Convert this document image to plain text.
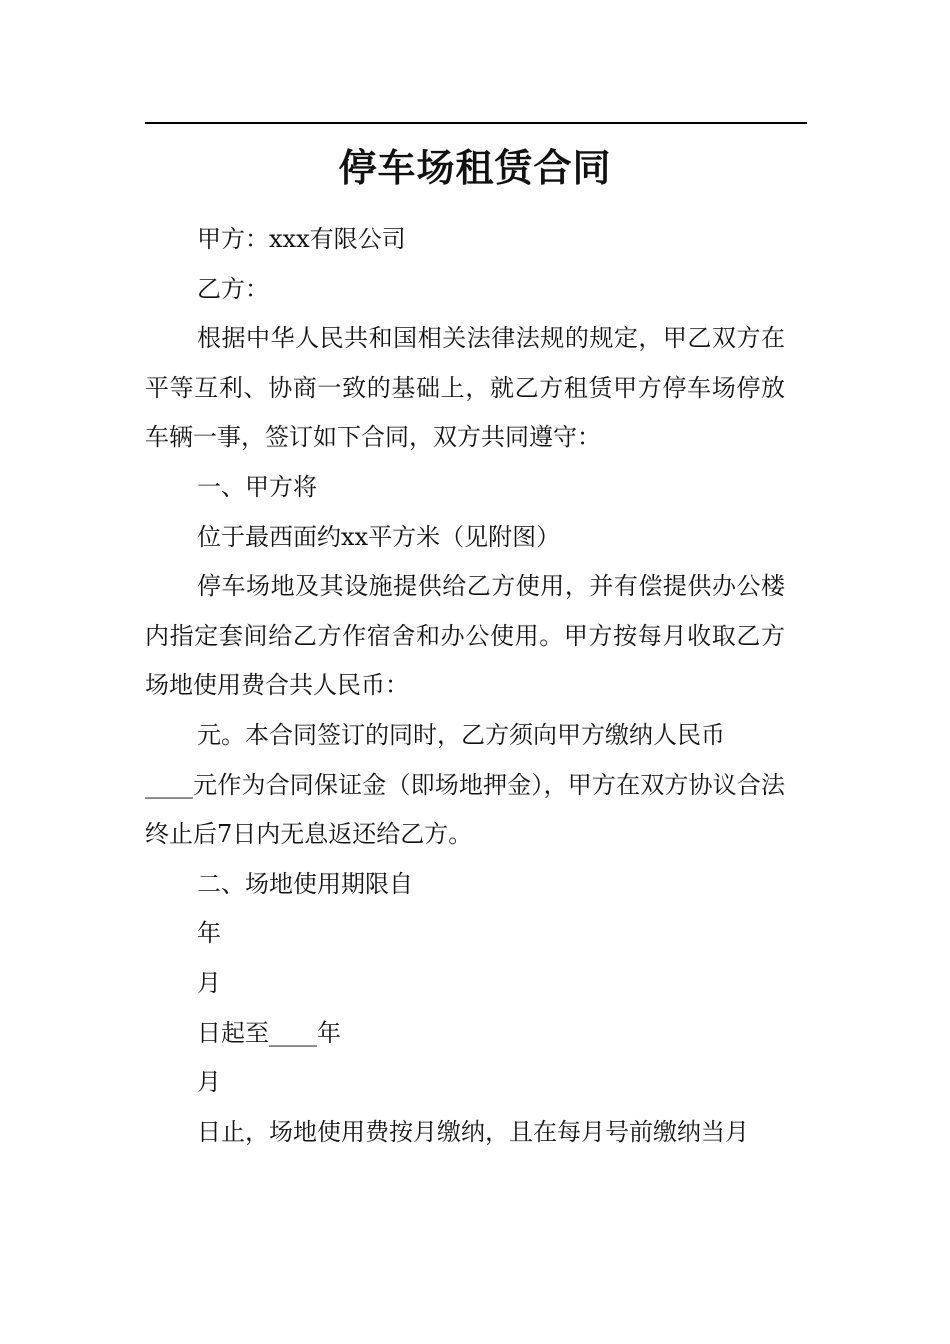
停车场租赁合同

甲方：xxx有限公司

乙方：

根据中华人民共和国相关法律法规的规定，甲乙双方在平等互利、协商一致的基础上，就乙方租赁甲方停车场停放车辆一事，签订如下合同，双方共同遵守：

一、甲方将

位于最西面约xx平方米（见附图）

停车场地及其设施提供给乙方使用，并有偿提供办公楼内指定套间给乙方作宿舍和办公使用。甲方按每月收取乙方场地使用费合共人民币：

元。本合同签订的同时，乙方须向甲方缴纳人民币

____元作为合同保证金（即场地押金），甲方在双方协议合法终止后7日内无息返还给乙方。

二、场地使用期限自

年

月

日起至____年

月

日止，场地使用费按月缴纳，且在每月号前缴纳当月
